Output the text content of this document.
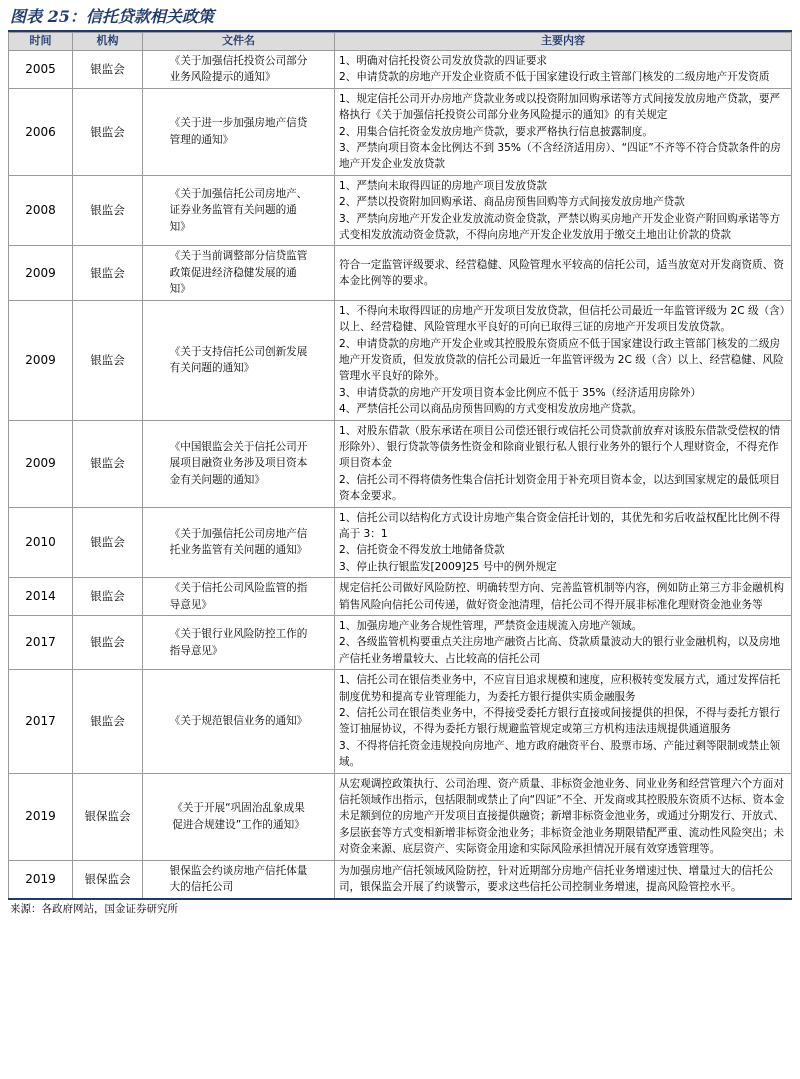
图表 25：信托贷款相关政策
时间	机构	文件名	主要内容
2005	银监会	《关于加强信托投资公司部分
业务风险提示的通知》	1、明确对信托投资公司发放贷款的四证要求
2、申请贷款的房地产开发企业资质不低于国家建设行政主管部门核发的二级房地产开发资质
2006	银监会	《关于进一步加强房地产信贷
管理的通知》	1、规定信托公司开办房地产贷款业务或以投资附加回购承诺等方式间接发放房地产贷款，要严格执行《关于加强信托投资公司部分业务风险提示的通知》的有关规定
2、用集合信托资金发放房地产贷款，要求严格执行信息披露制度。
3、严禁向项目资本金比例达不到 35%（不含经济适用房）、“四证”不齐等不符合贷款条件的房地产开发企业发放贷款
2008	银监会	《关于加强信托公司房地产、
证券业务监管有关问题的通
知》	1、严禁向未取得四证的房地产项目发放贷款
2、严禁以投资附加回购承诺、商品房预售回购等方式间接发放房地产贷款
3、严禁向房地产开发企业发放流动资金贷款，严禁以购买房地产开发企业资产附回购承诺等方式变相发放流动资金贷款，不得向房地产开发企业发放用于缴交土地出让价款的贷款
2009	银监会	《关于当前调整部分信贷监管
政策促进经济稳健发展的通
知》	符合一定监管评级要求、经营稳健、风险管理水平较高的信托公司，适当放宽对开发商资质、资本金比例等的要求。
2009	银监会	《关于支持信托公司创新发展
有关问题的通知》	1、不得向未取得四证的房地产开发项目发放贷款，但信托公司最近一年监管评级为 2C 级（含）以上、经营稳健、风险管理水平良好的可向已取得三证的房地产开发项目发放贷款。
2、申请贷款的房地产开发企业或其控股股东资质应不低于国家建设行政主管部门核发的二级房地产开发资质，但发放贷款的信托公司最近一年监管评级为 2C 级（含）以上、经营稳健、风险管理水平良好的除外。
3、申请贷款的房地产开发项目资本金比例应不低于 35%（经济适用房除外）
4、严禁信托公司以商品房预售回购的方式变相发放房地产贷款。
2009	银监会	《中国银监会关于信托公司开
展项目融资业务涉及项目资本
金有关问题的通知》	1、对股东借款（股东承诺在项目公司偿还银行或信托公司贷款前放弃对该股东借款受偿权的情形除外）、银行贷款等债务性资金和除商业银行私人银行业务外的银行个人理财资金，不得充作项目资本金
2、信托公司不得将债务性集合信托计划资金用于补充项目资本金，以达到国家规定的最低项目资本金要求。
2010	银监会	《关于加强信托公司房地产信
托业务监管有关问题的通知》	1、信托公司以结构化方式设计房地产集合资金信托计划的，其优先和劣后收益权配比比例不得高于 3：1
2、信托资金不得发放土地储备贷款
3、停止执行银监发[2009]25 号中的例外规定
2014	银监会	《关于信托公司风险监管的指
导意见》	规定信托公司做好风险防控、明确转型方向、完善监管机制等内容，例如防止第三方非金融机构销售风险向信托公司传递，做好资金池清理，信托公司不得开展非标准化理财资金池业务等
2017	银监会	《关于银行业风险防控工作的
指导意见》	1、加强房地产业务合规性管理，严禁资金违规流入房地产领域。
2、各级监管机构要重点关注房地产融资占比高、贷款质量波动大的银行业金融机构，以及房地产信托业务增量较大、占比较高的信托公司
2017	银监会	《关于规范银信业务的通知》	1、信托公司在银信类业务中，不应盲目追求规模和速度，应积极转变发展方式，通过发挥信托制度优势和提高专业管理能力，为委托方银行提供实质金融服务
2、信托公司在银信类业务中，不得接受委托方银行直接或间接提供的担保，不得与委托方银行签订抽屉协议，不得为委托方银行规避监管规定或第三方机构违法违规提供通道服务
3、不得将信托资金违规投向房地产、地方政府融资平台、股票市场、产能过剩等限制或禁止领域。
2019	银保监会	《关于开展“巩固治乱象成果
促进合规建设”工作的通知》	从宏观调控政策执行、公司治理、资产质量、非标资金池业务、同业业务和经营管理六个方面对信托领域作出指示，包括限制或禁止了向“四证”不全、开发商或其控股股东资质不达标、资本金未足额到位的房地产开发项目直接提供融资；新增非标资金池业务，或通过分期发行、开放式、多层嵌套等方式变相新增非标资金池业务；非标资金池业务期限错配严重、流动性风险突出；未对资金来源、底层资产、实际资金用途和实际风险承担情况开展有效穿透管理等。
2019	银保监会	银保监会约谈房地产信托体量
大的信托公司	为加强房地产信托领域风险防控，针对近期部分房地产信托业务增速过快、增量过大的信托公司，银保监会开展了约谈警示，要求这些信托公司控制业务增速，提高风险管控水平。
来源：各政府网站，国金证券研究所
